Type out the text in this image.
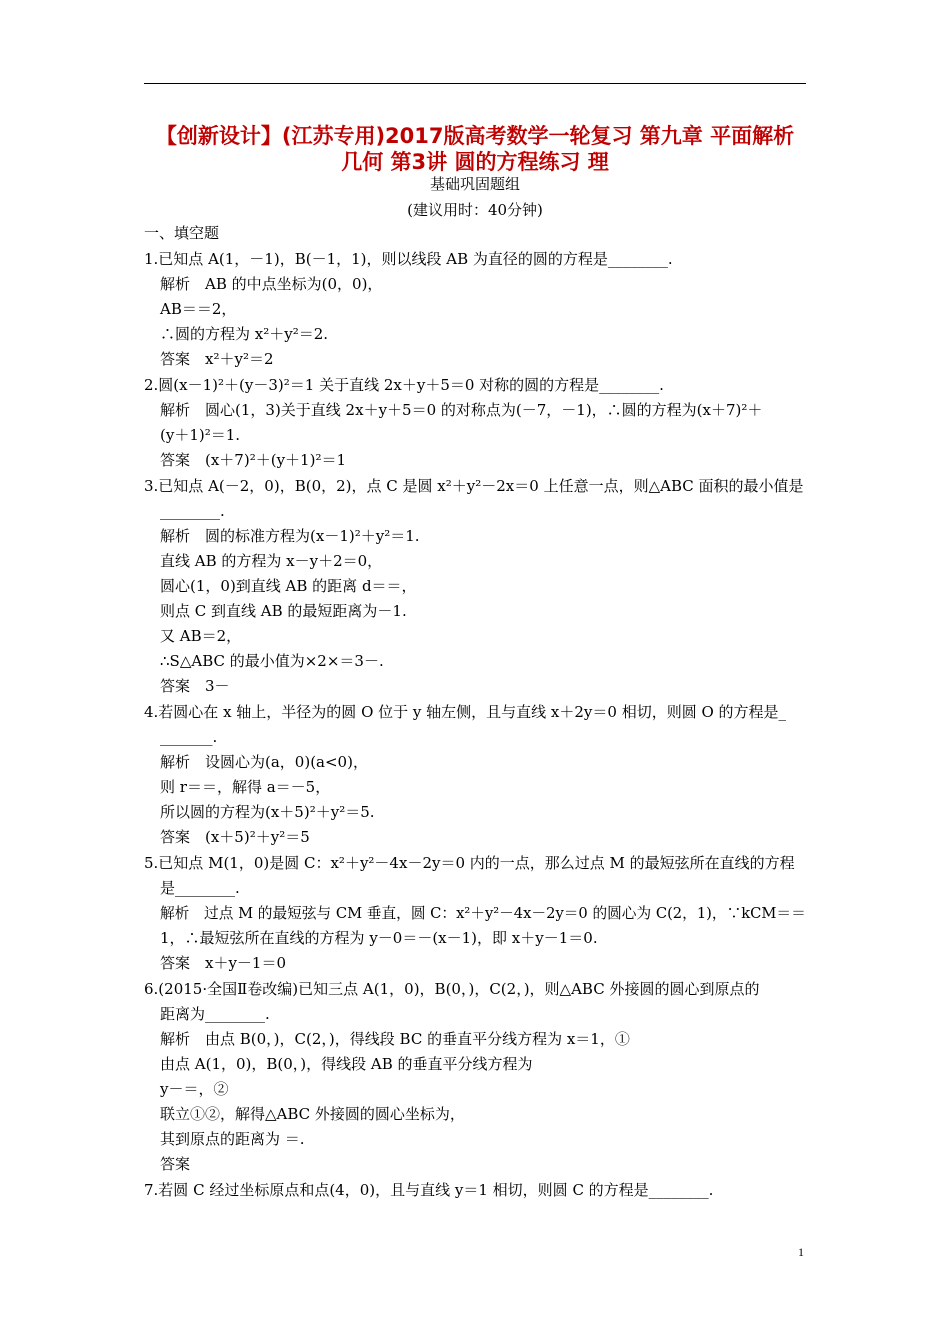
【创新设计】(江苏专用)2017版高考数学一轮复习 第九章 平面解析
几何 第3讲 圆的方程练习 理
基础巩固题组
(建议用时：40分钟)
一、填空题
1.已知点 A(1，－1)，B(－1，1)，则以线段 AB 为直径的圆的方程是________.
解析　AB 的中点坐标为(0，0)，
AB＝＝2，
∴圆的方程为 x²＋y²＝2.
答案　x²＋y²＝2
2.圆(x－1)²＋(y－3)²＝1 关于直线 2x＋y＋5＝0 对称的圆的方程是________.
解析　圆心(1，3)关于直线 2x＋y＋5＝0 的对称点为(－7，－1)，∴圆的方程为(x＋7)²＋
(y＋1)²＝1.
答案　(x＋7)²＋(y＋1)²＝1
3.已知点 A(－2，0)，B(0，2)，点 C 是圆 x²＋y²－2x＝0 上任意一点，则△ABC 面积的最小值是
________.
解析　圆的标准方程为(x－1)²＋y²＝1.
直线 AB 的方程为 x－y＋2＝0，
圆心(1，0)到直线 AB 的距离 d＝＝，
则点 C 到直线 AB 的最短距离为－1.
又 AB＝2，
∴S△ABC 的最小值为×2×＝3－.
答案　3－
4.若圆心在 x 轴上，半径为的圆 O 位于 y 轴左侧，且与直线 x＋2y＝0 相切，则圆 O 的方程是_
_______.
解析　设圆心为(a，0)(a<0)，
则 r＝＝，解得 a＝－5，
所以圆的方程为(x＋5)²＋y²＝5.
答案　(x＋5)²＋y²＝5
5.已知点 M(1，0)是圆 C：x²＋y²－4x－2y＝0 内的一点，那么过点 M 的最短弦所在直线的方程
是________.
解析　过点 M 的最短弦与 CM 垂直，圆 C：x²＋y²－4x－2y＝0 的圆心为 C(2，1)，∵kCM＝＝
1，∴最短弦所在直线的方程为 y－0＝－(x－1)，即 x＋y－1＝0.
答案　x＋y－1＝0
6.(2015·全国Ⅱ卷改编)已知三点 A(1，0)，B(0，)，C(2，)，则△ABC 外接圆的圆心到原点的
距离为________.
解析　由点 B(0，)，C(2，)，得线段 BC 的垂直平分线方程为 x＝1，①
由点 A(1，0)，B(0，)，得线段 AB 的垂直平分线方程为
y－＝，②
联立①②，解得△ABC 外接圆的圆心坐标为，
其到原点的距离为 ＝.
答案
7.若圆 C 经过坐标原点和点(4，0)，且与直线 y＝1 相切，则圆 C 的方程是________.
1
